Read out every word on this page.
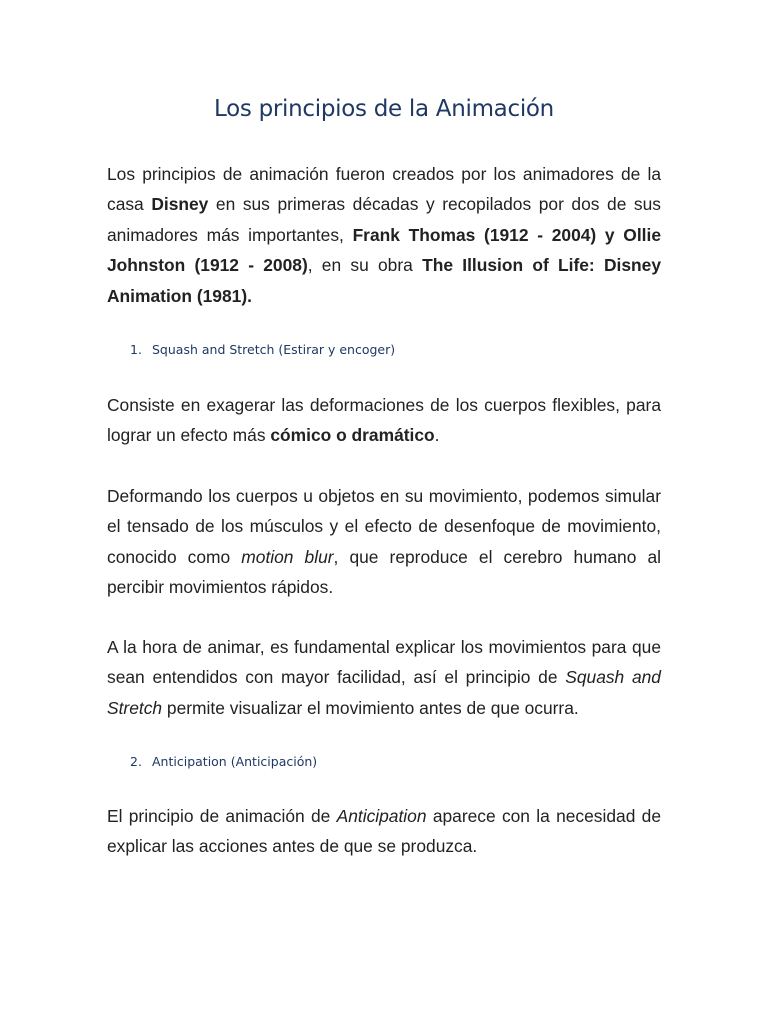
Los principios de la Animación

Los principios de animación fueron creados por los animadores de la casa Disney en sus primeras décadas y recopilados por dos de sus animadores más importantes, Frank Thomas (1912 - 2004) y Ollie Johnston (1912 - 2008), en su obra The Illusion of Life: Disney Animation (1981).

1. Squash and Stretch (Estirar y encoger)

Consiste en exagerar las deformaciones de los cuerpos flexibles, para lograr un efecto más cómico o dramático.

Deformando los cuerpos u objetos en su movimiento, podemos simular el tensado de los músculos y el efecto de desenfoque de movimiento, conocido como motion blur, que reproduce el cerebro humano al percibir movimientos rápidos.

A la hora de animar, es fundamental explicar los movimientos para que sean entendidos con mayor facilidad, así el principio de Squash and Stretch permite visualizar el movimiento antes de que ocurra.

2. Anticipation (Anticipación)

El principio de animación de Anticipation aparece con la necesidad de explicar las acciones antes de que se produzca.
